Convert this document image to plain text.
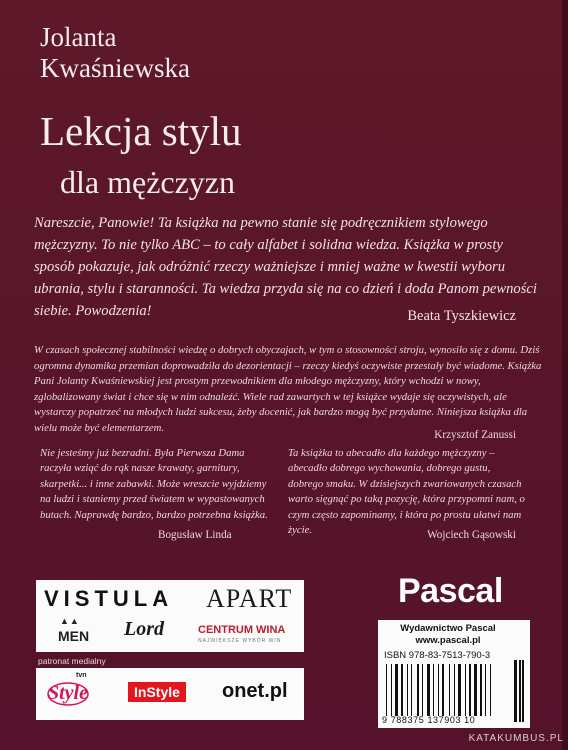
Jolanta
Kwaśniewska
Lekcja stylu
dla mężczyzn
Nareszcie, Panowie! Ta książka na pewno stanie się podręcznikiem stylowego mężczyzny. To nie tylko ABC – to cały alfabet i solidna wiedza. Książka w prosty sposób pokazuje, jak odróżnić rzeczy ważniejsze i mniej ważne w kwestii wyboru ubrania, stylu i staranności. Ta wiedza przyda się na co dzień i doda Panom pewności siebie. Powodzenia!	Beata Tyszkiewicz
W czasach społecznej stabilności wiedzę o dobrych obyczajach, w tym o stosowności stroju, wynosiło się z domu. Dziś ogromna dynamika przemian doprowadziła do dezorientacji – rzeczy kiedyś oczywiste przestały być wiadome. Książka Pani Jolanty Kwaśniewskiej jest prostym przewodnikiem dla młodego mężczyzny, który wchodzi w nowy, zglobalizowany świat i chce się w nim odnaleźć. Wiele rad zawartych w tej książce wydaje się oczywistych, ale wystarczy popatrzeć na młodych ludzi sukcesu, żeby docenić, jak bardzo mogą być przydatne. Niniejsza książka dla wielu może być elementarzem.
Krzysztof Zanussi
Nie jesteśmy już bezradni. Była Pierwsza Dama raczyła wziąć do rąk nasze krawaty, garnitury, skarpetki... i inne zabawki. Może wreszcie wyjdziemy na ludzi i staniemy przed światem w wypastowanych butach. Naprawdę bardzo, bardzo potrzebna książka.
Bogusław Linda
Ta książka to abecadło dla każdego mężczyzny – abecadło dobrego wychowania, dobrego gustu, dobrego smaku. W dzisiejszych zwariowanych czasach warto sięgnąć po taką pozycję, która przypomni nam, o czym często zapominamy, i która po prostu ułatwi nam życie.	Wojciech Gąsowski
VISTULA APART
▲▲
MEN Lord	CENTRUM WINA
NAJWIĘKSZE WYBÓR WIN
patronat medialny
Style
tvn
InStyle	onet.pl
Pascal
Wydawnictwo Pascal
www.pascal.pl
ISBN 978-83-7513-790-3
9 788375 137903 10
KATAKUMBUS.PL
